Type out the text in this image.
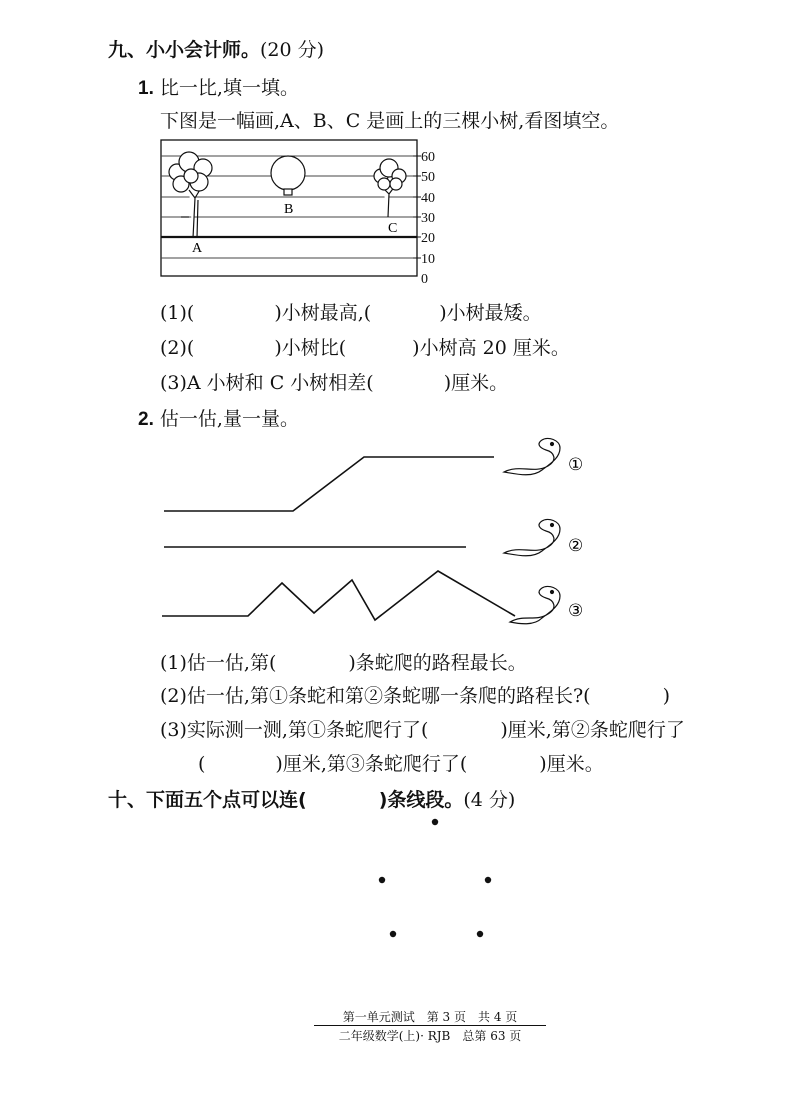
九、小小会计师。(20 分)
1. 比一比,填一填。
下图是一幅画,A、B、C 是画上的三棵小树,看图填空。
60
50
40
30
20
10
0
A
B
C
(1)(	)小树最高,(	)小树最矮。
(2)(	)小树比(	)小树高 20 厘米。
(3)A 小树和 C 小树相差(	)厘米。
2. 估一估,量一量。
①
②
③
(1)估一估,第(	)条蛇爬的路程最长。
(2)估一估,第①条蛇和第②条蛇哪一条爬的路程长?(	)
(3)实际测一测,第①条蛇爬行了(	)厘米,第②条蛇爬行了
(	)厘米,第③条蛇爬行了(	)厘米。
十、下面五个点可以连(	)条线段。(4 分)
第一单元测试　第 3 页　共 4 页
二年级数学(上)· RJB　总第 63 页
